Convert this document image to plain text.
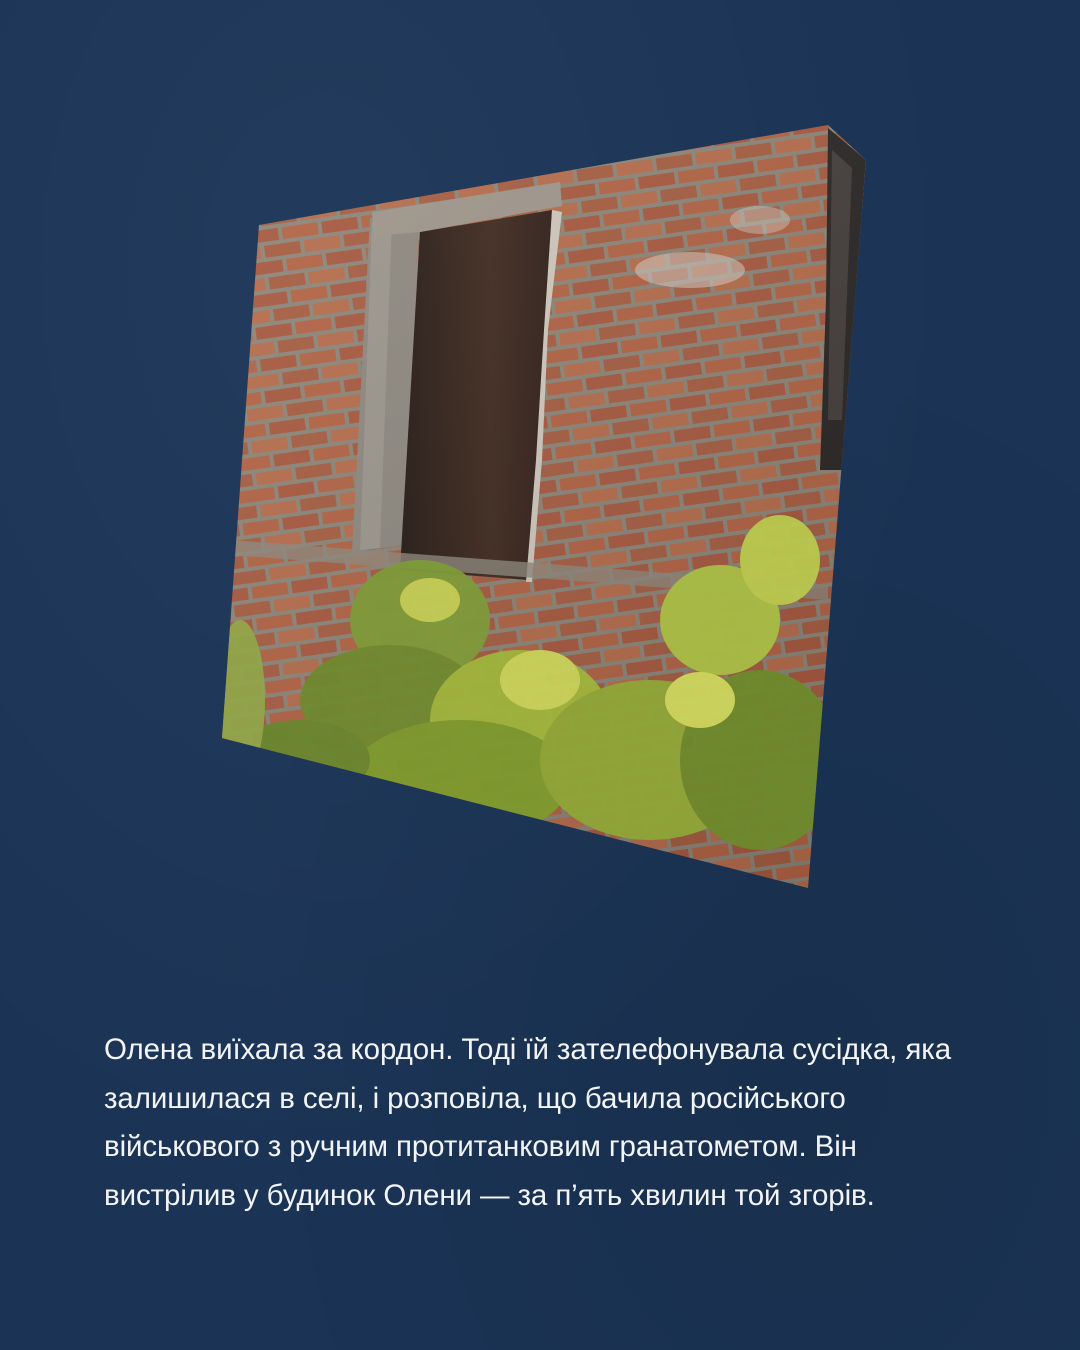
Олена виїхала за кордон. Тоді їй зателефонувала сусідка, яка
залишилася в селі, і розповіла, що бачила російського
військового з ручним протитанковим гранатометом. Він
вистрілив у будинок Олени — за п’ять хвилин той згорів.
